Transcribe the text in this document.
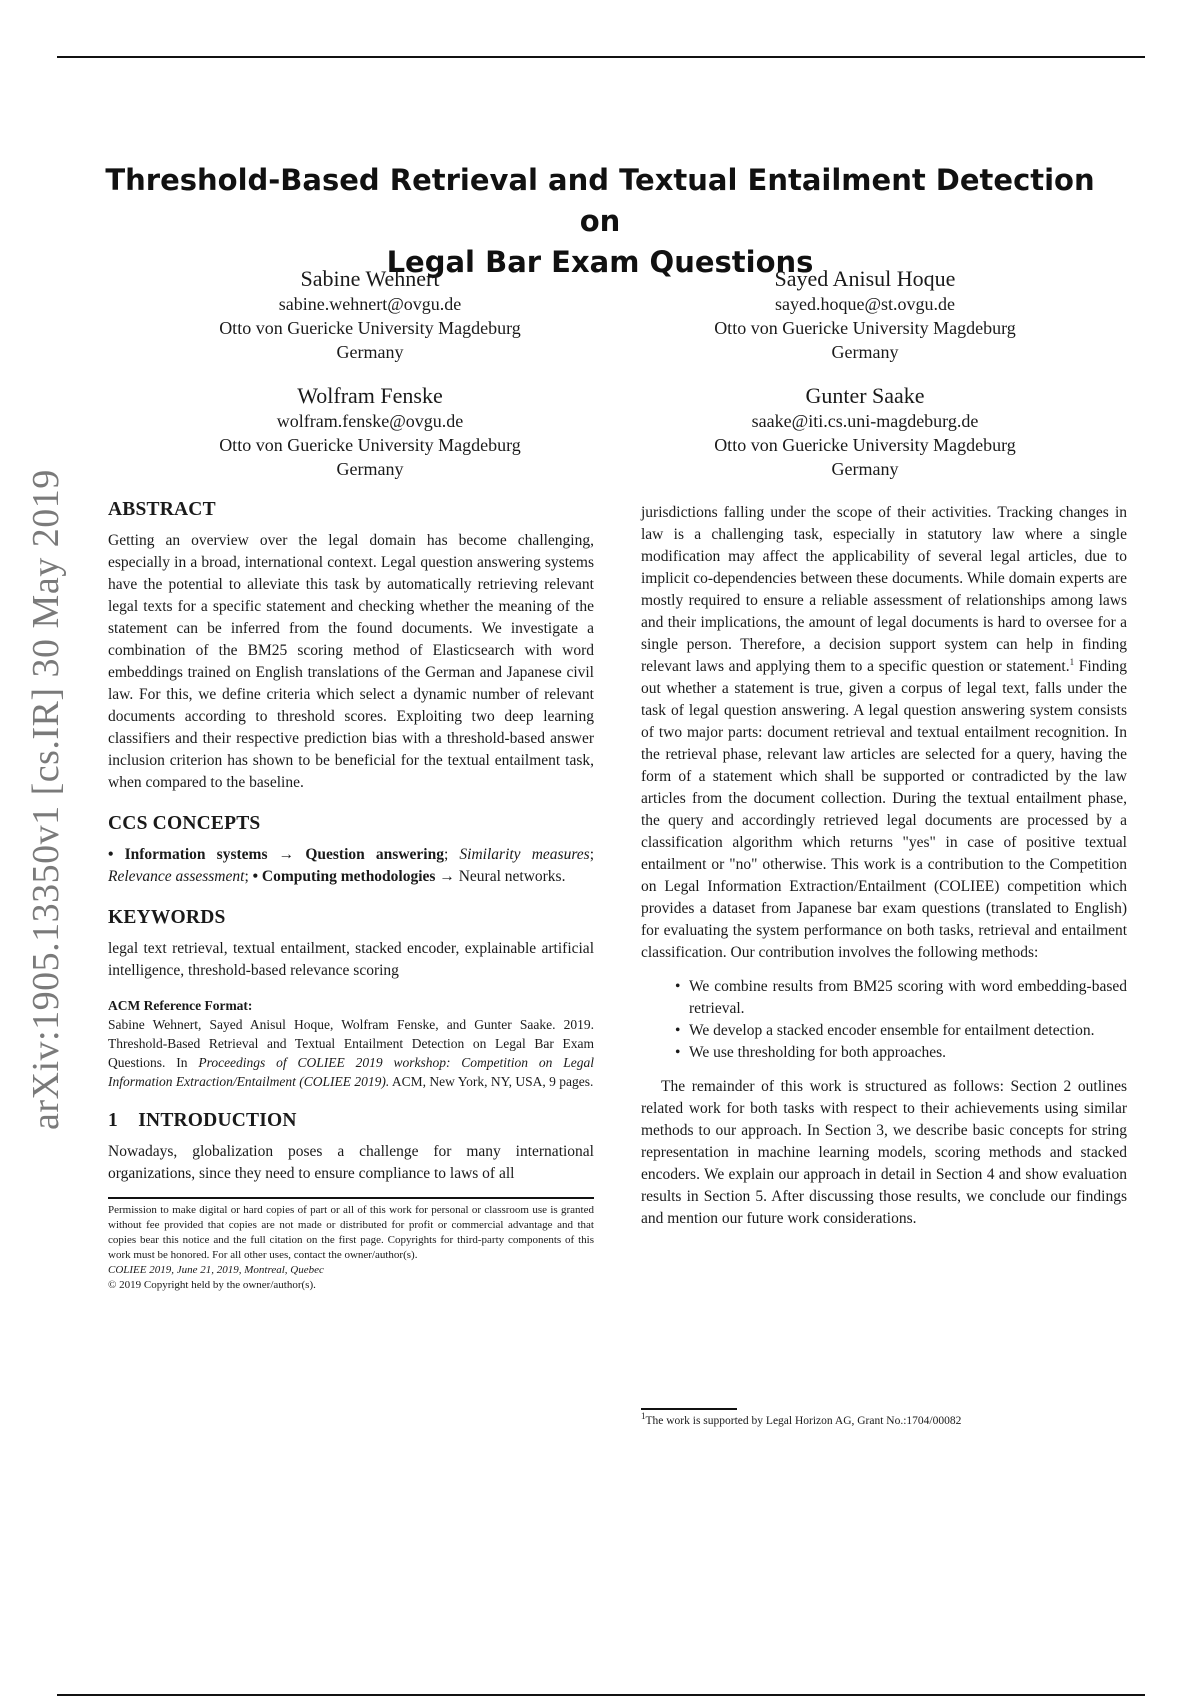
arXiv:1905.13350v1 [cs.IR] 30 May 2019
Threshold-Based Retrieval and Textual Entailment Detection on
Legal Bar Exam Questions
Sabine Wehnert
sabine.wehnert@ovgu.de
Otto von Guericke University Magdeburg
Germany
Sayed Anisul Hoque
sayed.hoque@st.ovgu.de
Otto von Guericke University Magdeburg
Germany
Wolfram Fenske
wolfram.fenske@ovgu.de
Otto von Guericke University Magdeburg
Germany
Gunter Saake
saake@iti.cs.uni-magdeburg.de
Otto von Guericke University Magdeburg
Germany
ABSTRACT

Getting an overview over the legal domain has become challenging, especially in a broad, international context. Legal question answering systems have the potential to alleviate this task by automatically retrieving relevant legal texts for a specific statement and checking whether the meaning of the statement can be inferred from the found documents. We investigate a combination of the BM25 scoring method of Elasticsearch with word embeddings trained on English translations of the German and Japanese civil law. For this, we define criteria which select a dynamic number of relevant documents according to threshold scores. Exploiting two deep learning classifiers and their respective prediction bias with a threshold-based answer inclusion criterion has shown to be beneficial for the textual entailment task, when compared to the baseline.

CCS CONCEPTS

• Information systems → Question answering; Similarity measures; Relevance assessment; • Computing methodologies → Neural networks.

KEYWORDS

legal text retrieval, textual entailment, stacked encoder, explainable artificial intelligence, threshold-based relevance scoring

ACM Reference Format:

Sabine Wehnert, Sayed Anisul Hoque, Wolfram Fenske, and Gunter Saake. 2019. Threshold-Based Retrieval and Textual Entailment Detection on Legal Bar Exam Questions. In Proceedings of COLIEE 2019 workshop: Competition on Legal Information Extraction/Entailment (COLIEE 2019). ACM, New York, NY, USA, 9 pages.

1    INTRODUCTION

Nowadays, globalization poses a challenge for many international organizations, since they need to ensure compliance to laws of all

Permission to make digital or hard copies of part or all of this work for personal or classroom use is granted without fee provided that copies are not made or distributed for profit or commercial advantage and that copies bear this notice and the full citation on the first page. Copyrights for third-party components of this work must be honored. For all other uses, contact the owner/author(s).
COLIEE 2019, June 21, 2019, Montreal, Quebec
© 2019 Copyright held by the owner/author(s).

jurisdictions falling under the scope of their activities. Tracking changes in law is a challenging task, especially in statutory law where a single modification may affect the applicability of several legal articles, due to implicit co-dependencies between these documents. While domain experts are mostly required to ensure a reliable assessment of relationships among laws and their implications, the amount of legal documents is hard to oversee for a single person. Therefore, a decision support system can help in finding relevant laws and applying them to a specific question or statement.$^1$ Finding out whether a statement is true, given a corpus of legal text, falls under the task of legal question answering. A legal question answering system consists of two major parts: document retrieval and textual entailment recognition. In the retrieval phase, relevant law articles are selected for a query, having the form of a statement which shall be supported or contradicted by the law articles from the document collection. During the textual entailment phase, the query and accordingly retrieved legal documents are processed by a classification algorithm which returns "yes" in case of positive textual entailment or "no" otherwise. This work is a contribution to the Competition on Legal Information Extraction/Entailment (COLIEE) competition which provides a dataset from Japanese bar exam questions (translated to English) for evaluating the system performance on both tasks, retrieval and entailment classification. Our contribution involves the following methods:

• We combine results from BM25 scoring with word embedding-based retrieval.
• We develop a stacked encoder ensemble for entailment detection.
• We use thresholding for both approaches.

The remainder of this work is structured as follows: Section 2 outlines related work for both tasks with respect to their achievements using similar methods to our approach. In Section 3, we describe basic concepts for string representation in machine learning models, scoring methods and stacked encoders. We explain our approach in detail in Section 4 and show evaluation results in Section 5. After discussing those results, we conclude our findings and mention our future work considerations.

$^1$The work is supported by Legal Horizon AG, Grant No.:1704/00082
